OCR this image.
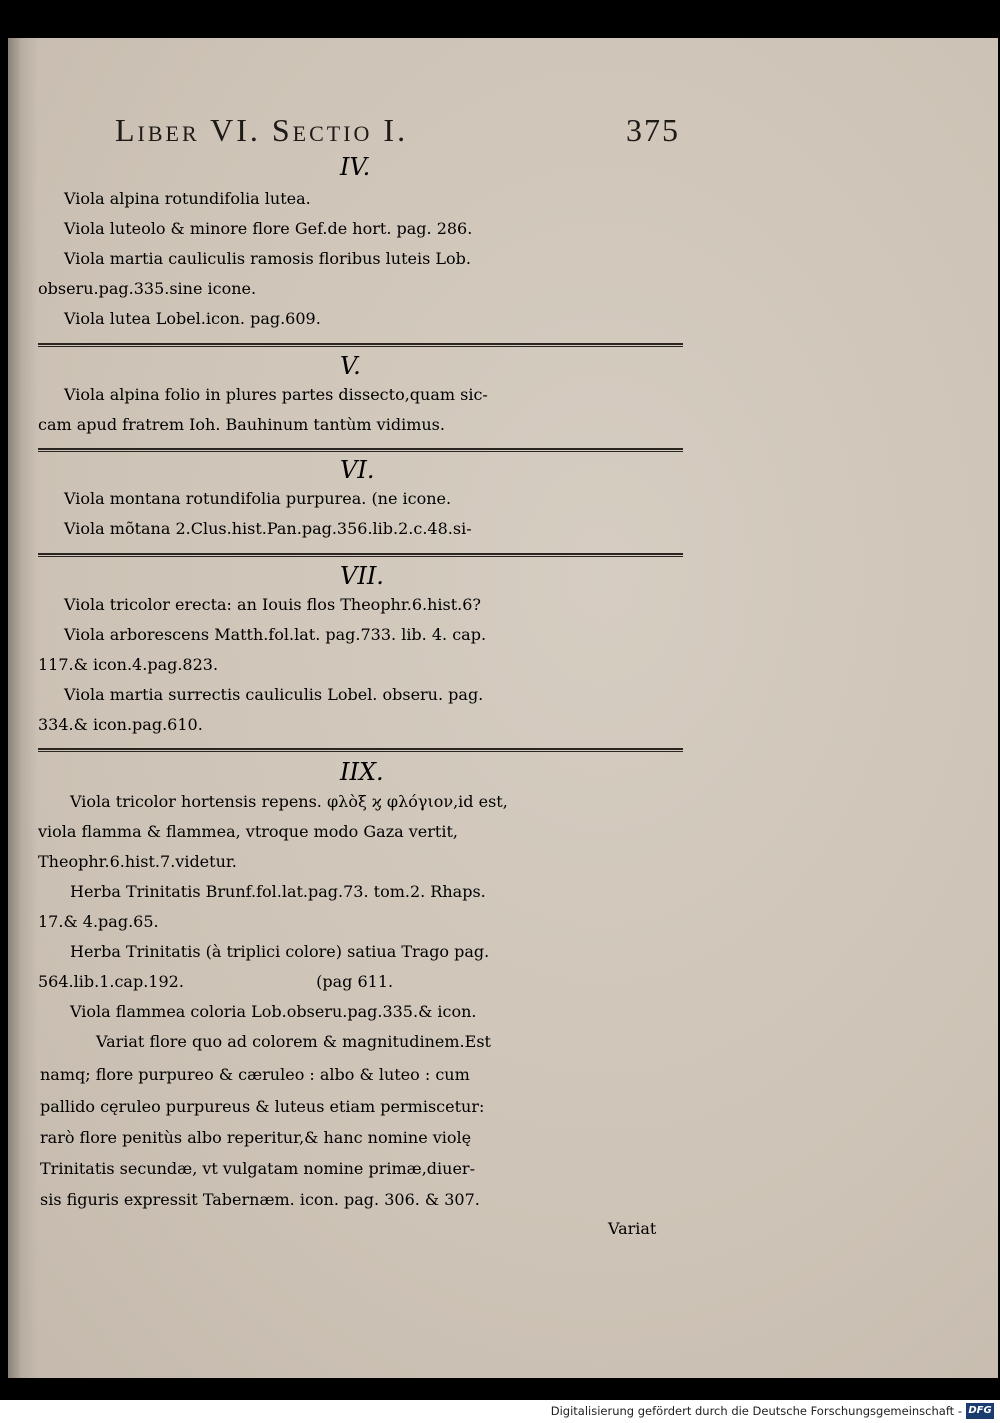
Liber VI. Sectio I.	375
IV.
Viola alpina rotundifolia lutea.
Viola luteolo & minore flore Gef.de hort. pag. 286.
Viola martia cauliculis ramosis floribus luteis Lob.
obseru.pag.335.sine icone.
Viola lutea Lobel.icon. pag.609.
V.
Viola alpina folio in plures partes dissecto,quam sic-
cam apud fratrem Ioh. Bauhinum tantùm vidimus.
VI.
Viola montana rotundifolia purpurea. (ne icone.
Viola mõtana 2.Clus.hist.Pan.pag.356.lib.2.c.48.si-
VII.
Viola tricolor erecta: an Iouis flos Theophr.6.hist.6?
Viola arborescens Matth.fol.lat. pag.733. lib. 4. cap.
117.& icon.4.pag.823.
Viola martia surrectis cauliculis Lobel. obseru. pag.
334.& icon.pag.610.
IIX.
Viola tricolor hortensis repens. φλὸξ ϗ φλόγιον,id est,
viola flamma & flammea, vtroque modo Gaza vertit,
Theophr.6.hist.7.videtur.
Herba Trinitatis Brunf.fol.lat.pag.73. tom.2. Rhaps.
17.& 4.pag.65.
Herba Trinitatis (à triplici colore) satiua Trago pag.
564.lib.1.cap.192.                          (pag 611.
Viola flammea coloria Lob.obseru.pag.335.& icon.
Variat flore quo ad colorem & magnitudinem.Est
namq; flore purpureo & cæruleo : albo & luteo : cum
pallido cęruleo purpureus & luteus etiam permiscetur:
rarò flore penitùs albo reperitur,& hanc nomine violę
Trinitatis secundæ, vt vulgatam nomine primæ,diuer-
sis figuris expressit Tabernæm. icon. pag. 306. & 307.
Variat
Digitalisierung gefördert durch die Deutsche Forschungsgemeinschaft - DFG
